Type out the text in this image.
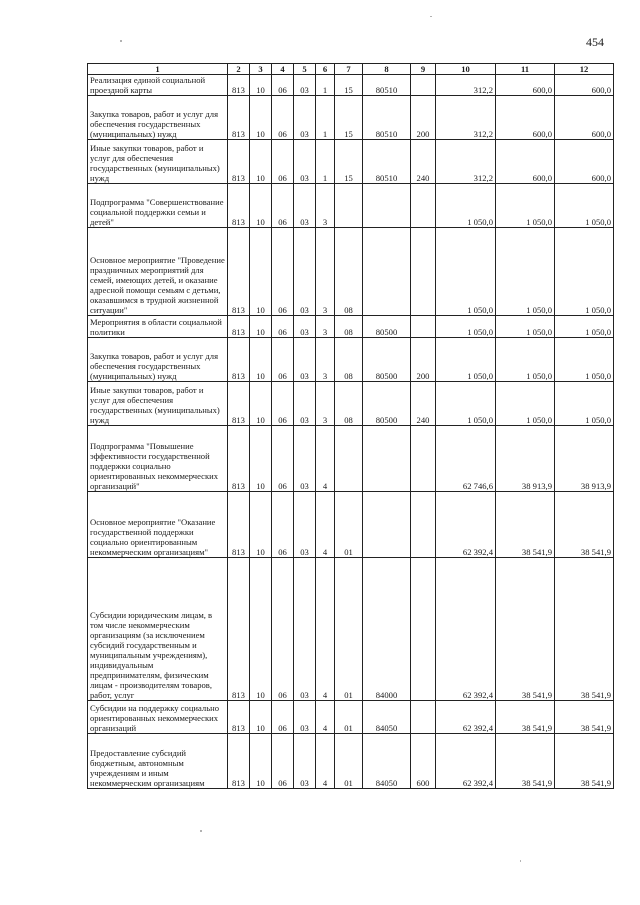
454
1	2	3	4	5	6	7	8	9	10	11	12

Реализация единой социальной проездной карты	813	10	06	03	1	15	80510		312,2	600,0	600,0

Закупка товаров, работ и услуг для обеспечения государственных (муниципальных) нужд	813	10	06	03	1	15	80510	200	312,2	600,0	600,0

Иные закупки товаров, работ и услуг для обеспечения государственных (муниципальных) нужд	813	10	06	03	1	15	80510	240	312,2	600,0	600,0

Подпрограмма "Совершенствование социальной поддержки семьи и детей"	813	10	06	03	3				1 050,0	1 050,0	1 050,0

Основное мероприятие "Проведение праздничных мероприятий для семей, имеющих детей, и оказание адресной помощи семьям с детьми, оказавшимся в трудной жизненной ситуации"	813	10	06	03	3	08			1 050,0	1 050,0	1 050,0

Мероприятия в области социальной политики	813	10	06	03	3	08	80500		1 050,0	1 050,0	1 050,0

Закупка товаров, работ и услуг для обеспечения государственных (муниципальных) нужд	813	10	06	03	3	08	80500	200	1 050,0	1 050,0	1 050,0

Иные закупки товаров, работ и услуг для обеспечения государственных (муниципальных) нужд	813	10	06	03	3	08	80500	240	1 050,0	1 050,0	1 050,0

Подпрограмма "Повышение эффективности государственной поддержки социально ориентированных некоммерческих организаций"	813	10	06	03	4				62 746,6	38 913,9	38 913,9

Основное мероприятие "Оказание государственной поддержки социально ориентированным некоммерческим организациям"	813	10	06	03	4	01			62 392,4	38 541,9	38 541,9

Субсидии юридическим лицам, в том числе некоммерческим организациям (за исключением субсидий государственным и муниципальным учреждениям), индивидуальным предпринимателям, физическим лицам - производителям товаров, работ, услуг	813	10	06	03	4	01	84000		62 392,4	38 541,9	38 541,9

Субсидии на поддержку социально ориентированных некоммерческих организаций	813	10	06	03	4	01	84050		62 392,4	38 541,9	38 541,9

Предоставление субсидий бюджетным, автономным учреждениям и иным некоммерческим организациям	813	10	06	03	4	01	84050	600	62 392,4	38 541,9	38 541,9
